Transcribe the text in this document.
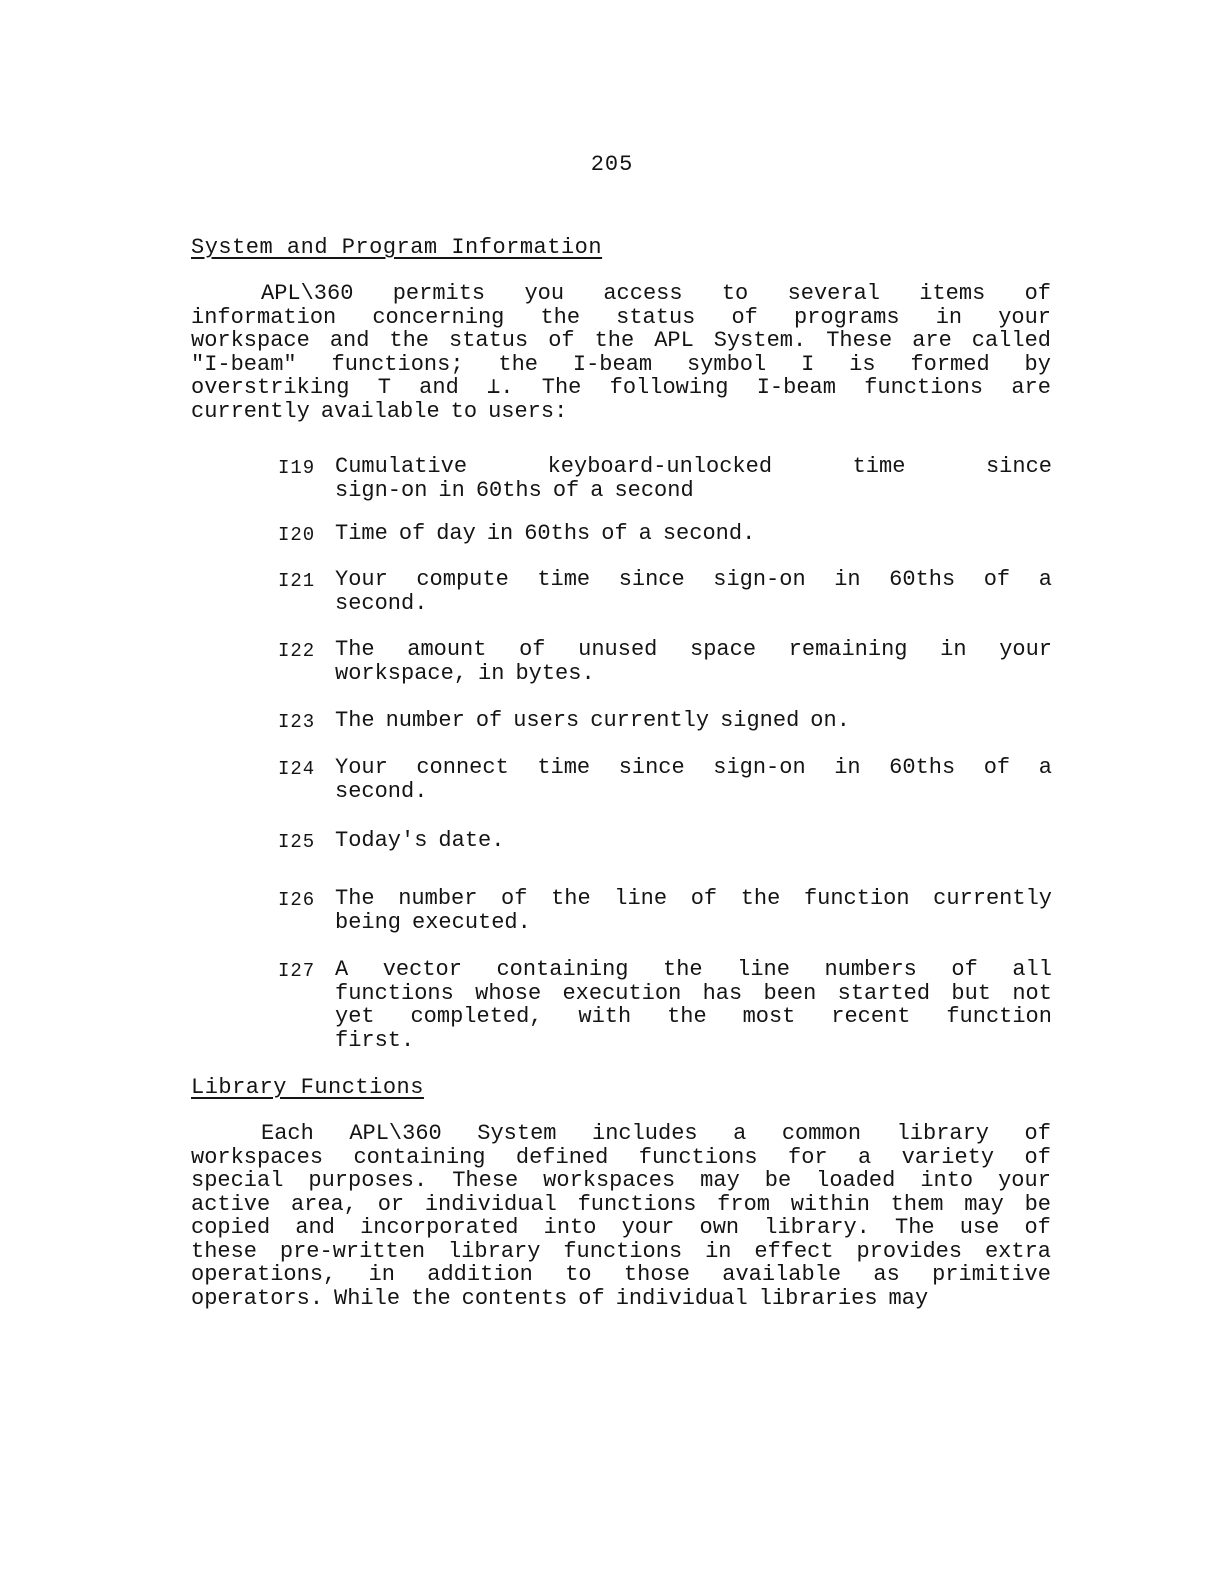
205
System and Program Information
APL\360 permits you access to several items of
information concerning the status of programs in your
workspace and the status of the APL System. These are called
"I-beam" functions; the I-beam symbol I is formed by
overstriking T and ⊥. The following I-beam functions are
currently available to users:
I19 Cumulative	keyboard-unlocked	time	since
sign-on in 60ths of a second
I20 Time of day in 60ths of a second.
I21 Your compute time since sign-on in 60ths of a
second.
I22 The amount of unused space remaining in your
workspace, in bytes.
I23 The number of users currently signed on.
I24 Your connect time since sign-on in 60ths of a
second.
I25 Today's date.
I26 The number of the line of the function currently
being executed.
I27 A vector containing the line numbers of all
functions whose execution has been started but not
yet completed, with the most recent function
first.
Library Functions
Each APL\360 System includes a common library of
workspaces containing defined functions for a variety of
special purposes. These workspaces may be loaded into your
active area, or individual functions from within them may be
copied and incorporated into your own library. The use of
these pre-written library functions in effect provides extra
operations, in addition to those available as primitive
operators. While the contents of individual libraries may
